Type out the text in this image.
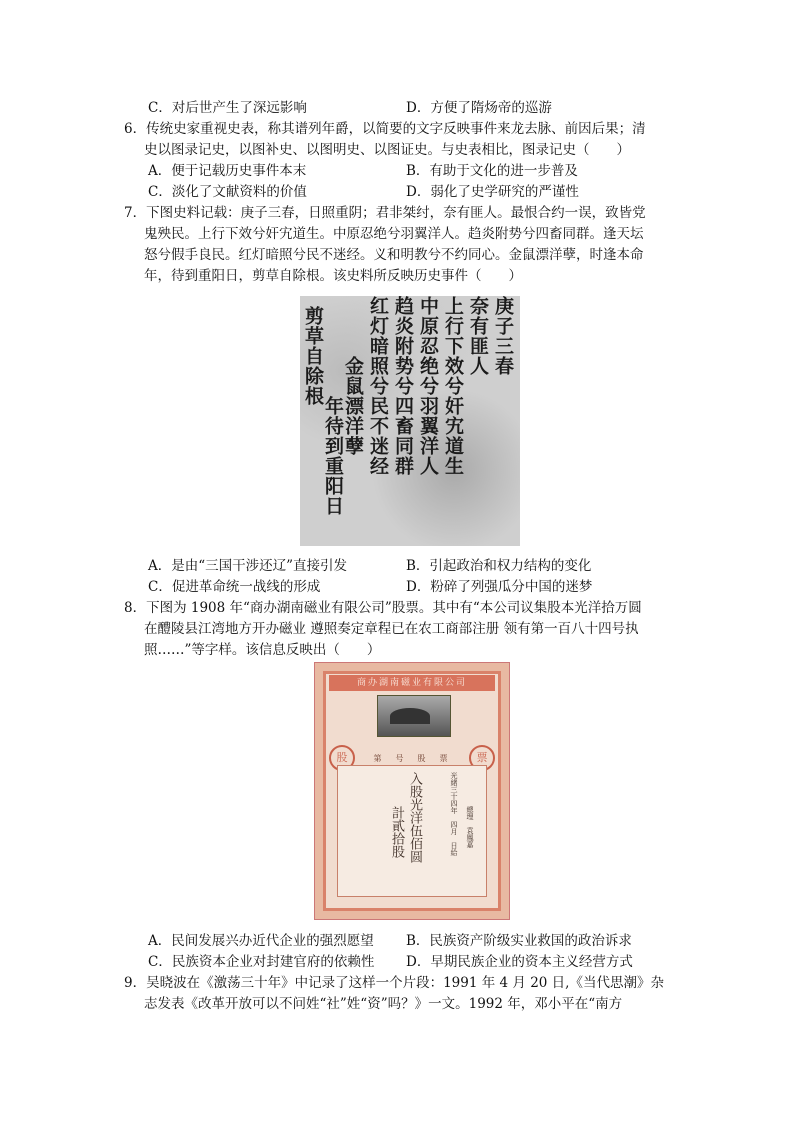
C．对后世产生了深远影响	D．方便了隋炀帝的巡游
6．传统史家重视史表，称其谱列年爵，以简要的文字反映事件来龙去脉、前因后果；清
史以图录记史，以图补史、以图明史、以图证史。与史表相比，图录记史（　　）
A．便于记载历史事件本末	B．有助于文化的进一步普及
C．淡化了文献资料的价值	D．弱化了史学研究的严谨性
7．下图史料记载：庚子三春，日照重阴；君非桀纣，奈有匪人。最恨合约一误，致皆党
鬼殃民。上行下效兮奸宄道生。中原忍绝兮羽翼洋人。趋炎附势兮四畜同群。逢天坛
怒兮假手良民。红灯暗照兮民不迷经。义和明教兮不约同心。金鼠漂洋孽，时逢本命
年，待到重阳日，剪草自除根。该史料所反映历史事件（　　）
庚子三春
奈有匪人
上行下效兮奸宄道生
中原忍绝兮羽翼洋人
趋炎附势兮四畜同群
红灯暗照兮民不迷经
金鼠漂洋孽
年待到重阳日
剪草自除根
A．是由“三国干涉还辽”直接引发	B．引起政治和权力结构的变化
C．促进革命统一战线的形成	D．粉碎了列强瓜分中国的迷梦
8．下图为 1908 年“商办湖南磁业有限公司”股票。其中有“本公司议集股本光洋拾万圆
在醴陵县江湾地方开办磁业 遵照奏定章程已在农工商部注册 领有第一百八十四号执
照……”等字样。该信息反映出（　　）
商办湖南磁业有限公司
股	票
第　号　股　票
入股光洋伍佰圆
計貳拾股	光緒三十四年　四月　日給 總理　袁鳳嘉
A．民间发展兴办近代企业的强烈愿望 B．民族资产阶级实业救国的政治诉求
C．民族资本企业对封建官府的依赖性 D．早期民族企业的资本主义经营方式
9．吴晓波在《激荡三十年》中记录了这样一个片段：1991 年 4 月 20 日,《当代思潮》杂
志发表《改革开放可以不问姓“社”姓“资”吗？》一文。1992 年，邓小平在“南方
